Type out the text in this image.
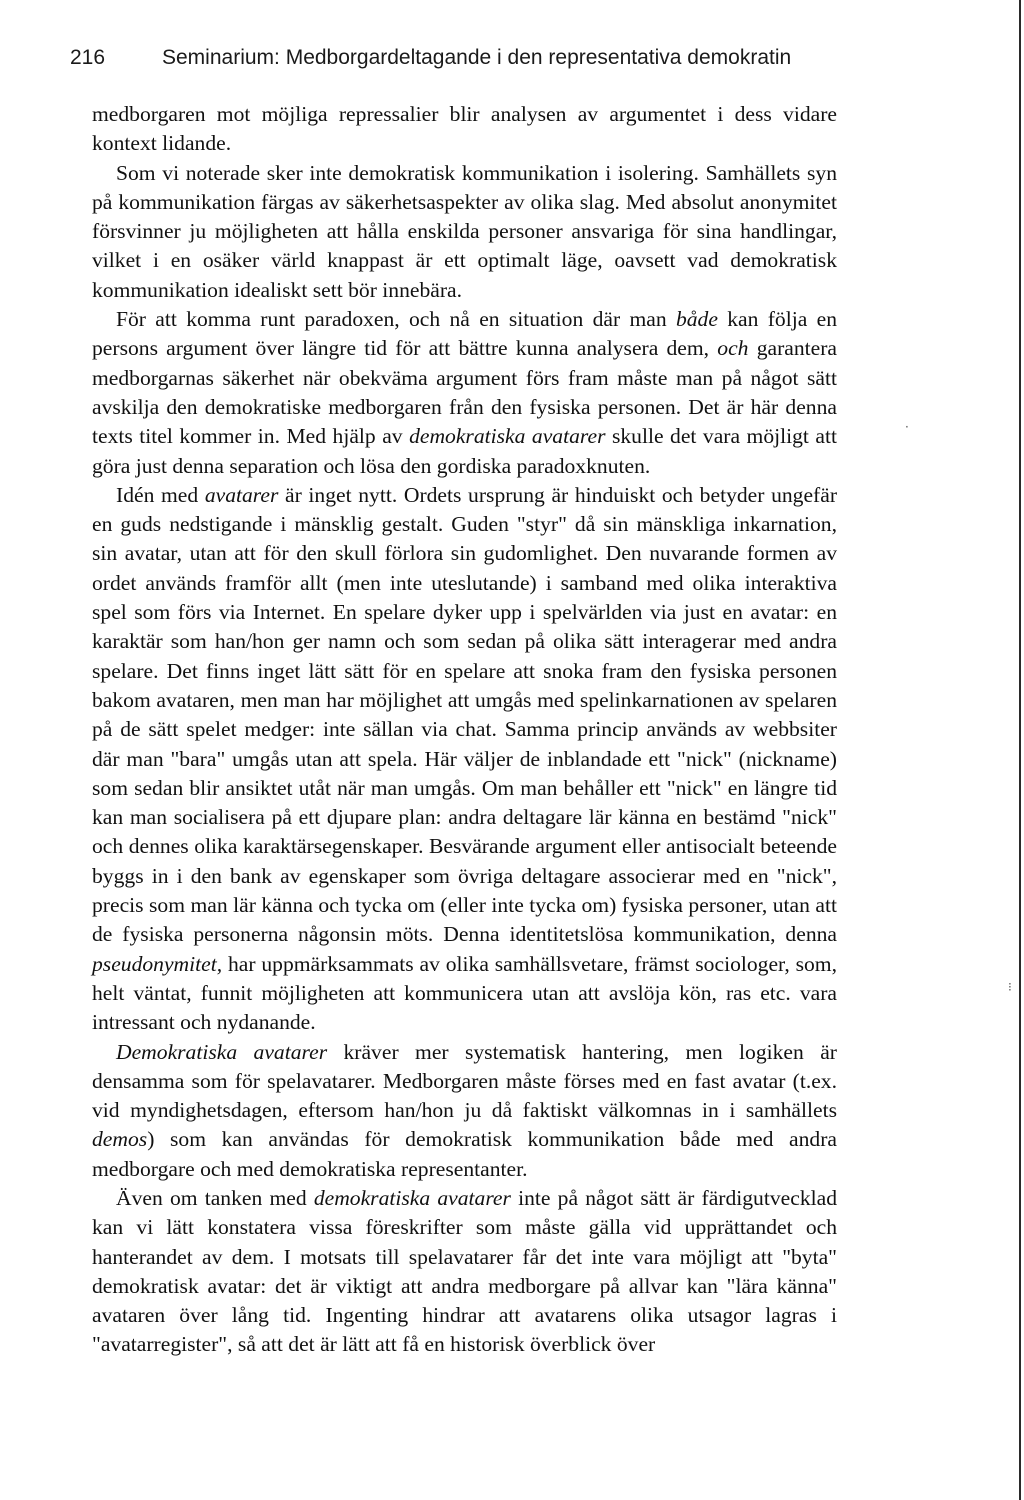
216	Seminarium: Medborgardeltagande i den representativa demokratin

medborgaren mot möjliga repressalier blir analysen av argumentet i dess vidare kontext lidande.

Som vi noterade sker inte demokratisk kommunikation i isolering. Samhällets syn på kommunikation färgas av säkerhetsaspekter av olika slag. Med absolut anonymitet försvinner ju möjligheten att hålla enskilda personer ansvariga för sina handlingar, vilket i en osäker värld knappast är ett optimalt läge, oavsett vad demokratisk kommunikation idealiskt sett bör innebära.

För att komma runt paradoxen, och nå en situation där man både kan följa en persons argument över längre tid för att bättre kunna analysera dem, och garantera medborgarnas säkerhet när obekväma argument förs fram måste man på något sätt avskilja den demokratiske medborgaren från den fysiska personen. Det är här denna texts titel kommer in. Med hjälp av demokratiska avatarer skulle det vara möjligt att göra just denna separation och lösa den gordiska paradoxknuten.

Idén med avatarer är inget nytt. Ordets ursprung är hinduiskt och betyder ungefär en guds nedstigande i mänsklig gestalt. Guden "styr" då sin mänskliga inkarnation, sin avatar, utan att för den skull förlora sin gudomlighet. Den nuvarande formen av ordet används framför allt (men inte uteslutande) i samband med olika interaktiva spel som förs via Internet. En spelare dyker upp i spelvärlden via just en avatar: en karaktär som han/hon ger namn och som sedan på olika sätt interagerar med andra spelare. Det finns inget lätt sätt för en spelare att snoka fram den fysiska personen bakom avataren, men man har möjlighet att umgås med spelinkarnationen av spelaren på de sätt spelet medger: inte sällan via chat. Samma princip används av webbsiter där man "bara" umgås utan att spela. Här väljer de inblandade ett "nick" (nickname) som sedan blir ansiktet utåt när man umgås. Om man behåller ett "nick" en längre tid kan man socialisera på ett djupare plan: andra deltagare lär känna en bestämd "nick" och dennes olika karaktärsegenskaper. Besvärande argument eller antisocialt beteende byggs in i den bank av egenskaper som övriga deltagare associerar med en "nick", precis som man lär känna och tycka om (eller inte tycka om) fysiska personer, utan att de fysiska personerna någonsin möts. Denna identitetslösa kommunikation, denna pseudonymitet, har uppmärksammats av olika samhällsvetare, främst sociologer, som, helt väntat, funnit möjligheten att kommunicera utan att avslöja kön, ras etc. vara intressant och nydanande.

Demokratiska avatarer kräver mer systematisk hantering, men logiken är densamma som för spelavatarer. Medborgaren måste förses med en fast avatar (t.ex. vid myndighetsdagen, eftersom han/hon ju då faktiskt välkomnas in i samhällets demos) som kan användas för demokratisk kommunikation både med andra medborgare och med demokratiska representanter.

Även om tanken med demokratiska avatarer inte på något sätt är färdigutvecklad kan vi lätt konstatera vissa föreskrifter som måste gälla vid upprättandet och hanterandet av dem. I motsats till spelavatarer får det inte vara möjligt att "byta" demokratisk avatar: det är viktigt att andra medborgare på allvar kan "lära känna" avataren över lång tid. Ingenting hindrar att avatarens olika utsagor lagras i "avatarregister", så att det är lätt att få en historisk överblick över

·
⁝
